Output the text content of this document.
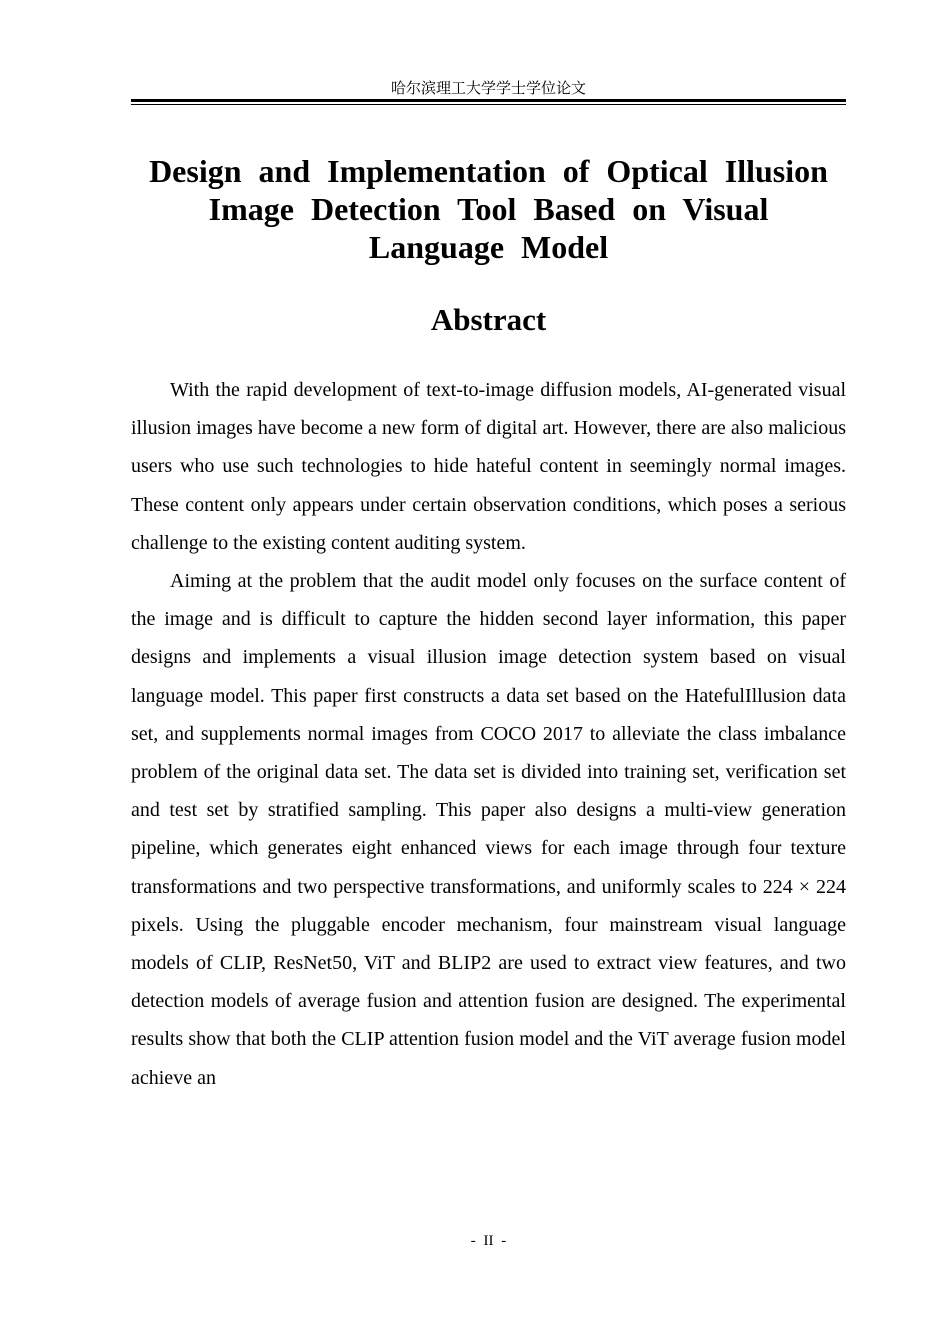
哈尔滨理工大学学士学位论文
Design and Implementation of Optical Illusion
Image Detection Tool Based on Visual
Language Model
Abstract

With the rapid development of text-to-image diffusion models, AI-generated visual illusion images have become a new form of digital art. However, there are also malicious users who use such technologies to hide hateful content in seemingly normal images. These content only appears under certain observation conditions, which poses a serious challenge to the existing content auditing system.

Aiming at the problem that the audit model only focuses on the surface content of the image and is difficult to capture the hidden second layer information, this paper designs and implements a visual illusion image detection system based on visual language model. This paper first constructs a data set based on the HatefulIllusion data set, and supplements normal images from COCO 2017 to alleviate the class imbalance problem of the original data set. The data set is divided into training set, verification set and test set by stratified sampling. This paper also designs a multi-view generation pipeline, which generates eight enhanced views for each image through four texture transformations and two perspective transformations, and uniformly scales to 224 × 224 pixels. Using the pluggable encoder mechanism, four mainstream visual language models of CLIP, ResNet50, ViT and BLIP2 are used to extract view features, and two detection models of average fusion and attention fusion are designed. The experimental results show that both the CLIP attention fusion model and the ViT average fusion model achieve an

- II -
